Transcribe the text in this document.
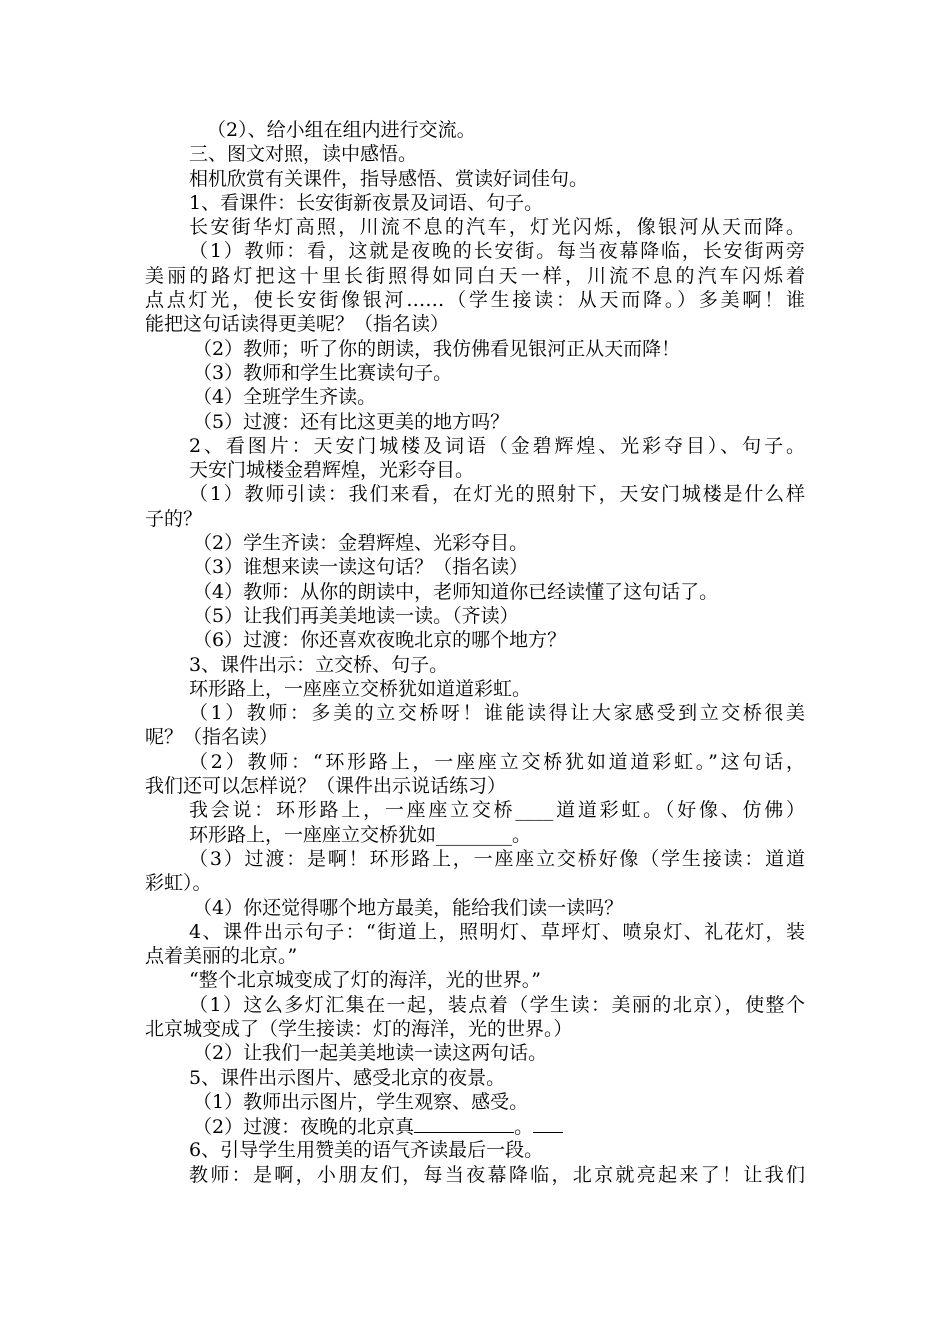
（2）、给小组在组内进行交流。
三、图文对照，读中感悟。
相机欣赏有关课件，指导感悟、赏读好词佳句。
1、看课件：长安街新夜景及词语、句子。
长安街华灯高照，川流不息的汽车，灯光闪烁，像银河从天而降。
（1）教师：看，这就是夜晚的长安街。每当夜幕降临，长安街两旁
美丽的路灯把这十里长街照得如同白天一样，川流不息的汽车闪烁着
点点灯光，使长安街像银河……（学生接读：从天而降。）多美啊！谁
能把这句话读得更美呢？（指名读）
（2）教师；听了你的朗读，我仿佛看见银河正从天而降！
（3）教师和学生比赛读句子。
（4）全班学生齐读。
（5）过渡：还有比这更美的地方吗？
2、看图片：天安门城楼及词语（金碧辉煌、光彩夺目）、句子。
天安门城楼金碧辉煌，光彩夺目。
（1）教师引读：我们来看，在灯光的照射下，天安门城楼是什么样
子的？
（2）学生齐读：金碧辉煌、光彩夺目。
（3）谁想来读一读这句话？（指名读）
（4）教师：从你的朗读中，老师知道你已经读懂了这句话了。
（5）让我们再美美地读一读。（齐读）
（6）过渡：你还喜欢夜晚北京的哪个地方？
3、课件出示：立交桥、句子。
环形路上，一座座立交桥犹如道道彩虹。
（1）教师：多美的立交桥呀！谁能读得让大家感受到立交桥很美
呢？（指名读）
（2）教师：“环形路上，一座座立交桥犹如道道彩虹。”这句话，
我们还可以怎样说？（课件出示说话练习）
我会说：环形路上，一座座立交桥____道道彩虹。（好像、仿佛）
环形路上，一座座立交桥犹如________。
（3）过渡：是啊！环形路上，一座座立交桥好像（学生接读：道道
彩虹）。
（4）你还觉得哪个地方最美，能给我们读一读吗？
4、课件出示句子：“街道上，照明灯、草坪灯、喷泉灯、礼花灯，装
点着美丽的北京。”
“整个北京城变成了灯的海洋，光的世界。”
（1）这么多灯汇集在一起，装点着（学生读：美丽的北京），使整个
北京城变成了（学生接读：灯的海洋，光的世界。）
（2）让我们一起美美地读一读这两句话。
5、课件出示图片、感受北京的夜景。
（1）教师出示图片，学生观察、感受。
（2）过渡：夜晚的北京真	。
6、引导学生用赞美的语气齐读最后一段。
教师：是啊，小朋友们，每当夜幕降临，北京就亮起来了！让我们
